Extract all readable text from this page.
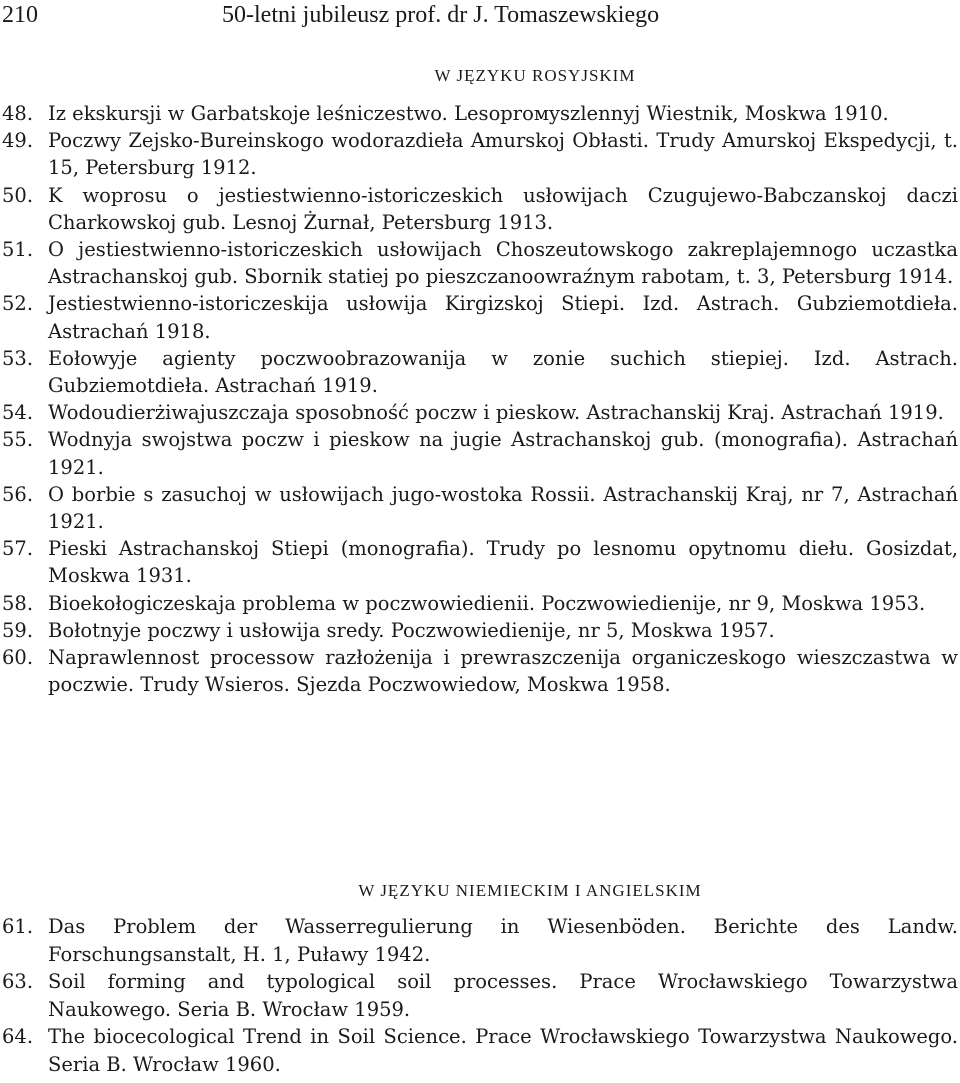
210	50-letni jubileusz prof. dr J. Tomaszewskiego
W JĘZYKU ROSYJSKIM
48. Iz ekskursji w Garbatskoje leśniczestwo. Lesoprомyszlennyj Wiestnik, Moskwa 1910.
49. Poczwy Zejsko-Bureinskogo wodorazdieła Amurskoj Obłasti. Trudy Amurskoj Ekspedycji, t. 15, Petersburg 1912.
50. K woprosu o jestiestwienno-istoriczeskich usłowijach Czugujewo-Babczanskoj daczi Charkowskoj gub. Lesnoj Żurnał, Petersburg 1913.
51. O jestiestwienno-istoriczeskich usłowijach Choszeutowskogo zakreplajemnogo uczastka Astrachanskoj gub. Sbornik statiej po pieszczanoowraźnym rabotam, t. 3, Petersburg 1914.
52. Jestiestwienno-istoriczeskija usłowija Kirgizskoj Stiepi. Izd. Astrach. Gubziemotdieła. Astrachań 1918.
53. Eołowyje agienty poczwoobrazowanija w zonie suchich stiepiej. Izd. Astrach. Gubziemotdieła. Astrachań 1919.
54. Wodoudierżiwajuszczaja sposobność poczw i pieskow. Astrachanskij Kraj. Astrachań 1919.
55. Wodnyja swojstwa poczw i pieskow na jugie Astrachanskoj gub. (monografia). Astrachań 1921.
56. O borbie s zasuchoj w usłowijach jugo-wostoka Rossii. Astrachanskij Kraj, nr 7, Astrachań 1921.
57. Pieski Astrachanskoj Stiepi (monografia). Trudy po lesnomu opytnomu diełu. Gosizdat, Moskwa 1931.
58. Bioekołogiczeskaja problema w poczwowiedienii. Poczwowiedienije, nr 9, Moskwa 1953.
59. Bołotnyje poczwy i usłowija sredy. Poczwowiedienije, nr 5, Moskwa 1957.
60. Naprawlennost processow razłożenija i prewraszczenija organiczeskogo wieszczastwa w poczwie. Trudy Wsieros. Sjezda Poczwowiedow, Moskwa 1958.
W JĘZYKU NIEMIECKIM I ANGIELSKIM
61. Das Problem der Wasserregulierung in Wiesenböden. Berichte des Landw. Forschungsanstalt, H. 1, Puławy 1942.
63. Soil forming and typological soil processes. Prace Wrocławskiego Towarzystwa Naukowego. Seria B. Wrocław 1959.
64. The biocecological Trend in Soil Science. Prace Wrocławskiego Towarzystwa Naukowego. Seria B. Wrocław 1960.
